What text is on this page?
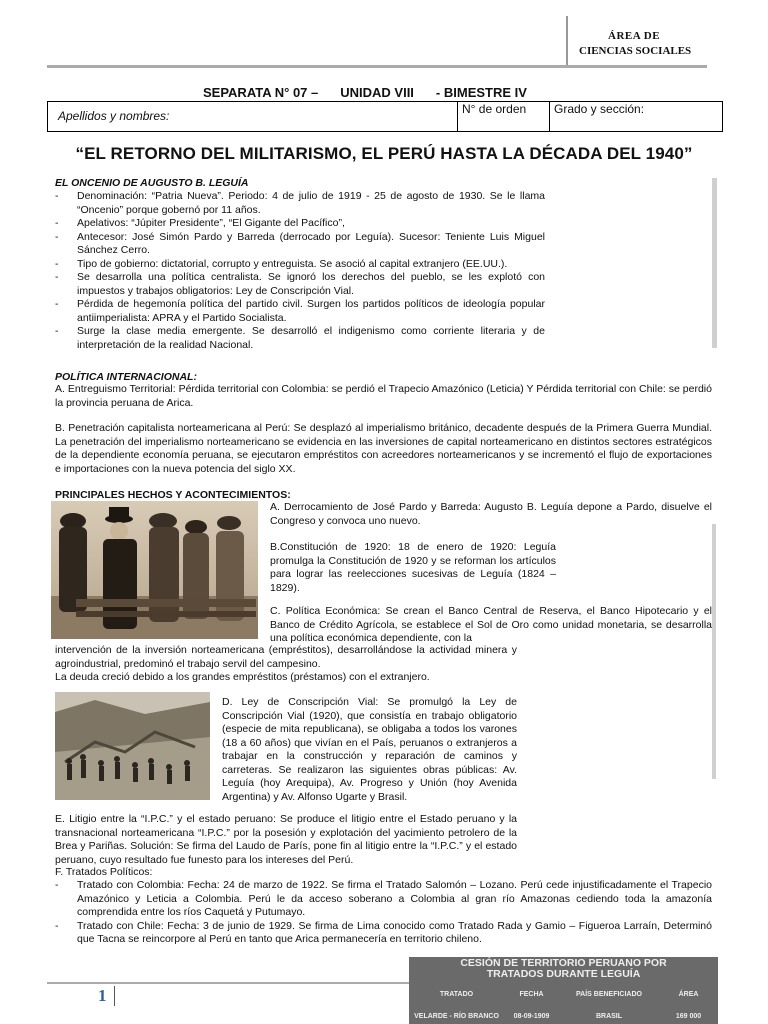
ÁREA DE
CIENCIAS SOCIALES
SEPARATA N° 07 – UNIDAD VIII - BIMESTRE IV
Apellidos y nombres:	N° de orden	Grado y sección:
“EL RETORNO DEL MILITARISMO, EL PERÚ HASTA LA DÉCADA DEL 1940”
EL ONCENIO DE AUGUSTO B. LEGUÍA
- Denominación: “Patria Nueva”. Periodo: 4 de julio de 1919 - 25 de agosto de 1930. Se le llama “Oncenio” porque gobernó por 11 años.
- Apelativos: “Júpiter Presidente”, “El Gigante del Pacífico”,
- Antecesor: José Simón Pardo y Barreda (derrocado por Leguía). Sucesor: Teniente Luis Miguel Sánchez Cerro.
- Tipo de gobierno: dictatorial, corrupto y entreguista. Se asoció al capital extranjero (EE.UU.).
- Se desarrolla una política centralista. Se ignoró los derechos del pueblo, se les explotó con impuestos y trabajos obligatorios: Ley de Conscripción Vial.
- Pérdida de hegemonía política del partido civil. Surgen los partidos políticos de ideología popular antiimperialista: APRA y el Partido Socialista.
- Surge la clase media emergente. Se desarrolló el indigenismo como corriente literaria y de interpretación de la realidad Nacional.
POLÍTICA INTERNACIONAL:
A. Entreguismo Territorial: Pérdida territorial con Colombia: se perdió el Trapecio Amazónico (Leticia) Y Pérdida territorial con Chile: se perdió la provincia peruana de Arica.
B. Penetración capitalista norteamericana al Perú: Se desplazó al imperialismo británico, decadente después de la Primera Guerra Mundial. La penetración del imperialismo norteamericano se evidencia en las inversiones de capital norteamericano en distintos sectores estratégicos de la dependiente economía peruana, se ejecutaron empréstitos con acreedores norteamericanos y se incrementó el flujo de exportaciones e importaciones con la nueva potencia del siglo XX.
PRINCIPALES HECHOS Y ACONTECIMIENTOS:
A. Derrocamiento de José Pardo y Barreda: Augusto B. Leguía depone a Pardo, disuelve el Congreso y convoca uno nuevo.
B.Constitución de 1920: 18 de enero de 1920: Leguía promulga la Constitución de 1920 y se reforman los artículos para lograr las reelecciones sucesivas de Leguía (1824 – 1829).
C. Política Económica: Se crean el Banco Central de Reserva, el Banco Hipotecario y el Banco de Crédito Agrícola, se establece el Sol de Oro como unidad monetaria, se desarrolla una política económica dependiente, con la
intervención de la inversión norteamericana (empréstitos), desarrollándose la actividad minera y agroindustrial, predominó el trabajo servil del campesino.
La deuda creció debido a los grandes empréstitos (préstamos) con el extranjero.
D. Ley de Conscripción Vial: Se promulgó la Ley de Conscripción Vial (1920), que consistía en trabajo obligatorio (especie de mita republicana), se obligaba a todos los varones (18 a 60 años) que vivían en el País, peruanos o extranjeros a trabajar en la construcción y reparación de caminos y carreteras. Se realizaron las siguientes obras públicas: Av. Leguía (hoy Arequipa), Av. Progreso y Unión (hoy Avenida Argentina) y Av. Alfonso Ugarte y Brasil.
E. Litigio entre la “I.P.C.” y el estado peruano: Se produce el litigio entre el Estado peruano y la transnacional norteamericana “I.P.C.” por la posesión y explotación del yacimiento petrolero de la Brea y Pariñas. Solución: Se firma del Laudo de París, pone fin al litigio entre la “I.P.C.” y el estado peruano, cuyo resultado fue funesto para los intereses del Perú.
F. Tratados Políticos:
- Tratado con Colombia: Fecha: 24 de marzo de 1922. Se firma el Tratado Salomón – Lozano. Perú cede injustificadamente el Trapecio Amazónico y Leticia a Colombia. Perú le da acceso soberano a Colombia al gran río Amazonas cediendo toda la amazonía comprendida entre los ríos Caquetá y Putumayo.
- Tratado con Chile: Fecha: 3 de junio de 1929. Se firma de Lima conocido como Tratado Rada y Gamio – Figueroa Larraín, Determinó que Tacna se reincorpore al Perú en tanto que Arica permanecería en territorio chileno.
1
CESIÓN DE TERRITORIO PERUANO POR
TRATADOS DURANTE LEGUÍA
TRATADO	FECHA	PAÍS BENEFICIADO	ÁREA
VELARDE - RÍO BRANCO	08-09-1909	BRASIL	169 000
